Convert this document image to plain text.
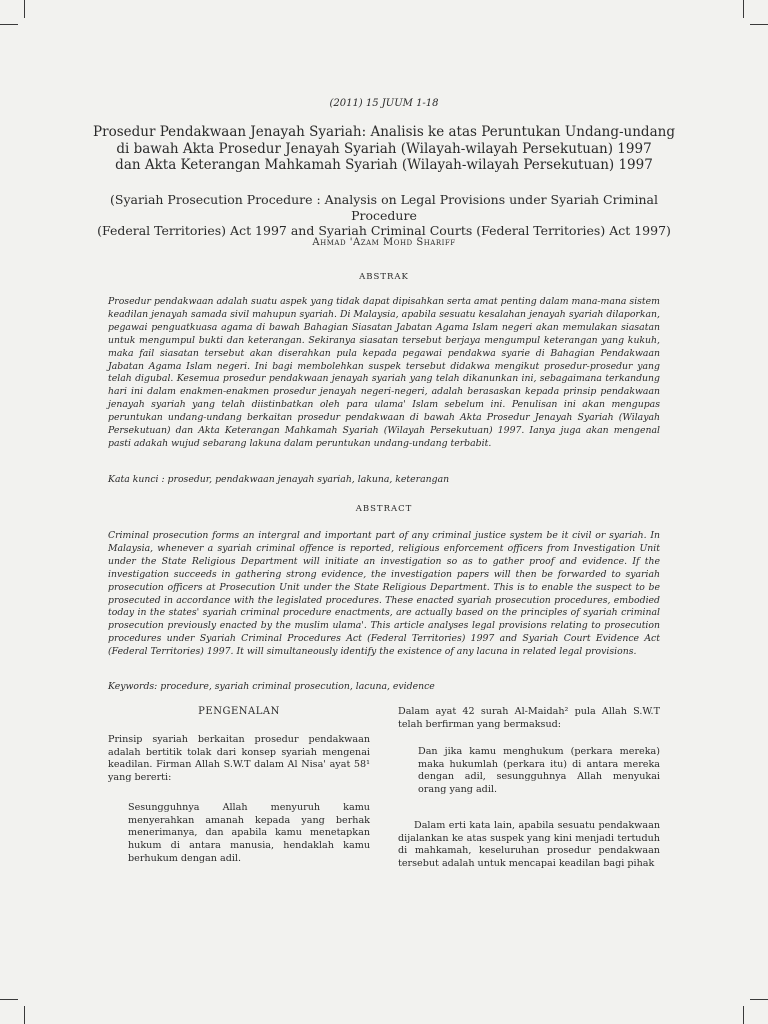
(2011) 15 JUUM 1-18
Prosedur Pendakwaan Jenayah Syariah: Analisis ke atas Peruntukan Undang-undang
di bawah Akta Prosedur Jenayah Syariah (Wilayah-wilayah Persekutuan) 1997
dan Akta Keterangan Mahkamah Syariah (Wilayah-wilayah Persekutuan) 1997
(Syariah Prosecution Procedure : Analysis on Legal Provisions under Syariah Criminal Procedure
(Federal Territories) Act 1997 and Syariah Criminal Courts (Federal Territories) Act 1997)
Ahmad 'Azam Mohd Shariff
ABSTRAK
Prosedur pendakwaan adalah suatu aspek yang tidak dapat dipisahkan serta amat penting dalam mana-mana sistem keadilan jenayah samada sivil mahupun syariah. Di Malaysia, apabila sesuatu kesalahan jenayah syariah dilaporkan, pegawai penguatkuasa agama di bawah Bahagian Siasatan Jabatan Agama Islam negeri akan memulakan siasatan untuk mengumpul bukti dan keterangan. Sekiranya siasatan tersebut berjaya mengumpul keterangan yang kukuh, maka fail siasatan tersebut akan diserahkan pula kepada pegawai pendakwa syarie di Bahagian Pendakwaan Jabatan Agama Islam negeri. Ini bagi membolehkan suspek tersebut didakwa mengikut prosedur-prosedur yang telah digubal. Kesemua prosedur pendakwaan jenayah syariah yang telah dikanunkan ini, sebagaimana terkandung hari ini dalam enakmen-enakmen prosedur jenayah negeri-negeri, adalah berasaskan kepada prinsip pendakwaan jenayah syariah yang telah diistinbatkan oleh para ulama' Islam sebelum ini. Penulisan ini akan mengupas peruntukan undang-undang berkaitan prosedur pendakwaan di bawah Akta Prosedur Jenayah Syariah (Wilayah Persekutuan) dan Akta Keterangan Mahkamah Syariah (Wilayah Persekutuan) 1997. Ianya juga akan mengenal pasti adakah wujud sebarang lakuna dalam peruntukan undang-undang terbabit.
Kata kunci : prosedur, pendakwaan jenayah syariah, lakuna, keterangan
ABSTRACT
Criminal prosecution forms an intergral and important part of any criminal justice system be it civil or syariah. In Malaysia, whenever a syariah criminal offence is reported, religious enforcement officers from Investigation Unit under the State Religious Department will initiate an investigation so as to gather proof and evidence. If the investigation succeeds in gathering strong evidence, the investigation papers will then be forwarded to syariah prosecution officers at Prosecution Unit under the State Religious Department. This is to enable the suspect to be prosecuted in accordance with the legislated procedures. These enacted syariah prosecution procedures, embodied today in the states' syariah criminal procedure enactments, are actually based on the principles of syariah criminal prosecution previously enacted by the muslim ulama'. This article analyses legal provisions relating to prosecution procedures under Syariah Criminal Procedures Act (Federal Territories) 1997 and Syariah Court Evidence Act (Federal Territories) 1997. It will simultaneously identify the existence of any lacuna in related legal provisions.
Keywords: procedure, syariah criminal prosecution, lacuna, evidence
PENGENALAN
Prinsip syariah berkaitan prosedur pendakwaan adalah bertitik tolak dari konsep syariah mengenai keadilan. Firman Allah S.W.T dalam Al Nisa' ayat 58¹ yang bererti:
Sesungguhnya Allah menyuruh kamu menyerahkan amanah kepada yang berhak menerimanya, dan apabila kamu menetapkan hukum di antara manusia, hendaklah kamu berhukum dengan adil.
Dalam ayat 42 surah Al-Maidah² pula Allah S.W.T telah berfirman yang bermaksud:
Dan jika kamu menghukum (perkara mereka) maka hukumlah (perkara itu) di antara mereka dengan adil, sesungguhnya Allah menyukai orang yang adil.
Dalam erti kata lain, apabila sesuatu pendakwaan dijalankan ke atas suspek yang kini menjadi tertuduh di mahkamah, keseluruhan prosedur pendakwaan tersebut adalah untuk mencapai keadilan bagi pihak
